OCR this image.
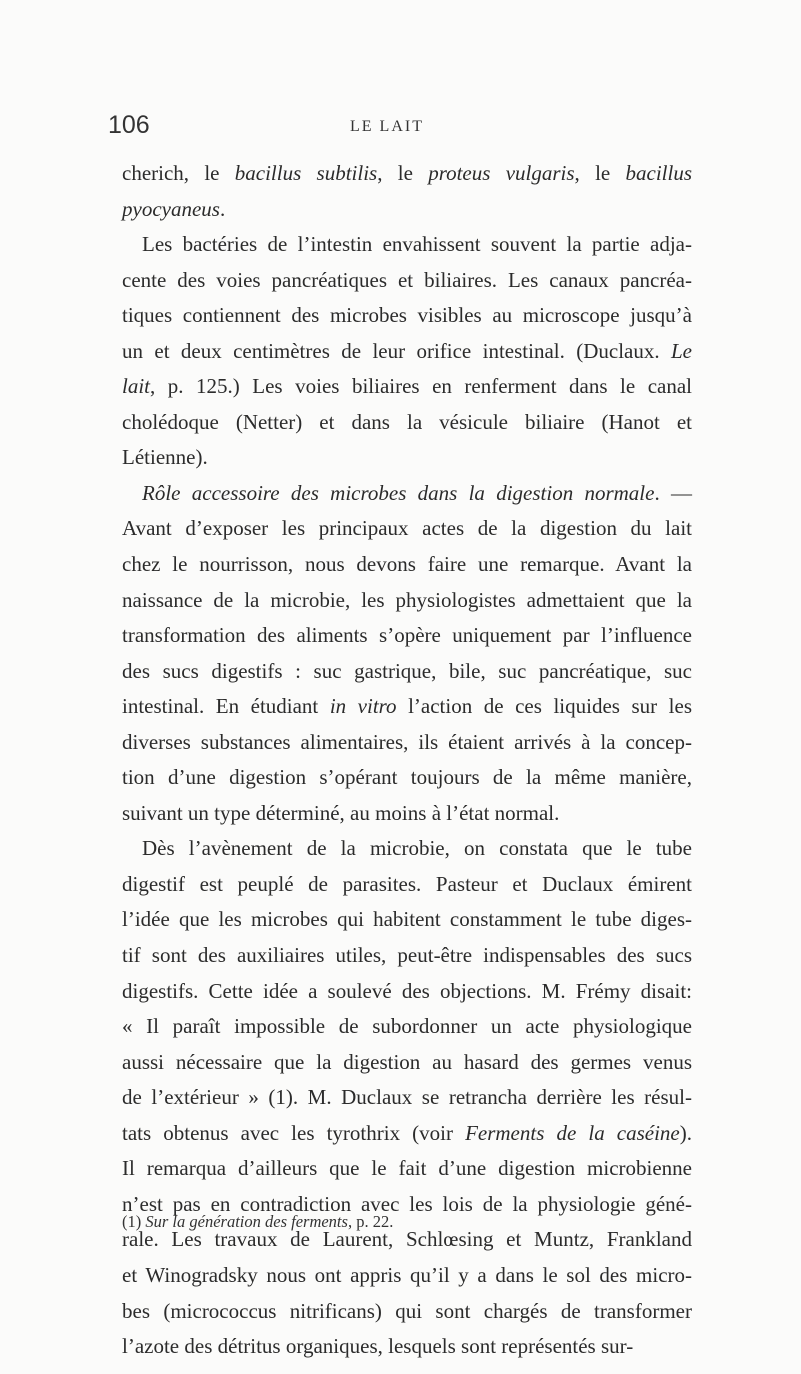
106	LE LAIT
cherich, le bacillus subtilis, le proteus vulgaris, le bacillus
pyocyaneus.
Les bactéries de l’intestin envahissent souvent la partie adja-
cente des voies pancréatiques et biliaires. Les canaux pancréa-
tiques contiennent des microbes visibles au microscope jusqu’à
un et deux centimètres de leur orifice intestinal. (Duclaux. Le
lait, p. 125.) Les voies biliaires en renferment dans le canal
cholédoque (Netter) et dans la vésicule biliaire (Hanot et
Létienne).
Rôle accessoire des microbes dans la digestion normale. —
Avant d’exposer les principaux actes de la digestion du lait
chez le nourrisson, nous devons faire une remarque. Avant la
naissance de la microbie, les physiologistes admettaient que la
transformation des aliments s’opère uniquement par l’influence
des sucs digestifs : suc gastrique, bile, suc pancréatique, suc
intestinal. En étudiant in vitro l’action de ces liquides sur les
diverses substances alimentaires, ils étaient arrivés à la concep-
tion d’une digestion s’opérant toujours de la même manière,
suivant un type déterminé, au moins à l’état normal.
Dès l’avènement de la microbie, on constata que le tube
digestif est peuplé de parasites. Pasteur et Duclaux émirent
l’idée que les microbes qui habitent constamment le tube diges-
tif sont des auxiliaires utiles, peut-être indispensables des sucs
digestifs. Cette idée a soulevé des objections. M. Frémy disait:
« Il paraît impossible de subordonner un acte physiologique
aussi nécessaire que la digestion au hasard des germes venus
de l’extérieur » (1). M. Duclaux se retrancha derrière les résul-
tats obtenus avec les tyrothrix (voir Ferments de la caséine).
Il remarqua d’ailleurs que le fait d’une digestion microbienne
n’est pas en contradiction avec les lois de la physiologie géné-
rale. Les travaux de Laurent, Schlœsing et Muntz, Frankland
et Winogradsky nous ont appris qu’il y a dans le sol des micro-
bes (micrococcus nitrificans) qui sont chargés de transformer
l’azote des détritus organiques, lesquels sont représentés sur-
(1) Sur la génération des ferments, p. 22.
